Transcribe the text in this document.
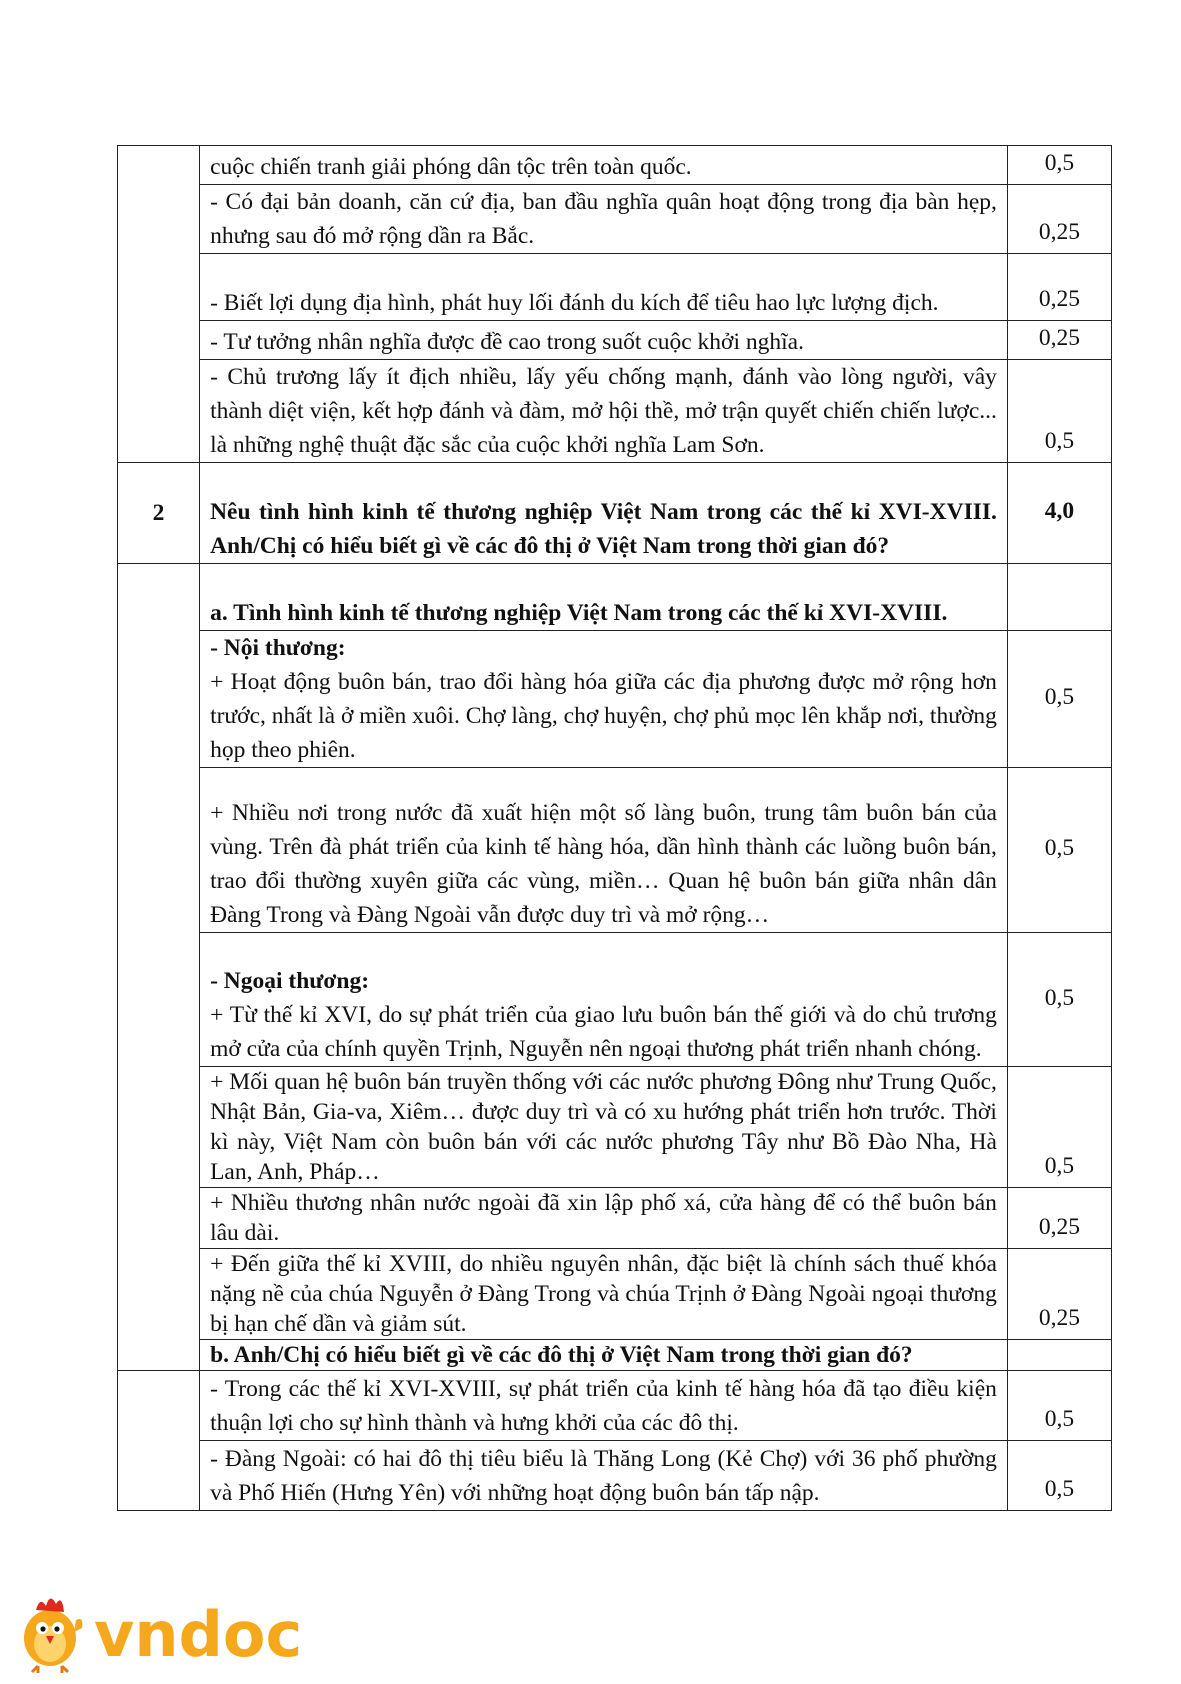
	cuộc chiến tranh giải phóng dân tộc trên toàn quốc.	0,5
	- Có đại bản doanh, căn cứ địa, ban đầu nghĩa quân hoạt động trong địa bàn hẹp, nhưng sau đó mở rộng dần ra Bắc.	0,25
	- Biết lợi dụng địa hình, phát huy lối đánh du kích để tiêu hao lực lượng địch.	0,25
	- Tư tưởng nhân nghĩa được đề cao trong suốt cuộc khởi nghĩa.	0,25
	- Chủ trương lấy ít địch nhiều, lấy yếu chống mạnh, đánh vào lòng người, vây thành diệt viện, kết hợp đánh và đàm, mở hội thề, mở trận quyết chiến chiến lược... là những nghệ thuật đặc sắc của cuộc khởi nghĩa Lam Sơn.	0,5
2	Nêu tình hình kinh tế thương nghiệp Việt Nam trong các thế kỉ XVI-XVIII. Anh/Chị có hiểu biết gì về các đô thị ở Việt Nam trong thời gian đó?	4,0
	a. Tình hình kinh tế thương nghiệp Việt Nam trong các thế kỉ XVI-XVIII.	

	- Nội thương:
+ Hoạt động buôn bán, trao đổi hàng hóa giữa các địa phương được mở rộng hơn trước, nhất là ở miền xuôi. Chợ làng, chợ huyện, chợ phủ mọc lên khắp nơi, thường họp theo phiên.	0,5
	+ Nhiều nơi trong nước đã xuất hiện một số làng buôn, trung tâm buôn bán của vùng. Trên đà phát triển của kinh tế hàng hóa, dần hình thành các luồng buôn bán, trao đổi thường xuyên giữa các vùng, miền… Quan hệ buôn bán giữa nhân dân Đàng Trong và Đàng Ngoài vẫn được duy trì và mở rộng…	0,5

	- Ngoại thương:
+ Từ thế kỉ XVI, do sự phát triển của giao lưu buôn bán thế giới và do chủ trương mở cửa của chính quyền Trịnh, Nguyễn nên ngoại thương phát triển nhanh chóng.	0,5
	+ Mối quan hệ buôn bán truyền thống với các nước phương Đông như Trung Quốc, Nhật Bản, Gia-va, Xiêm… được duy trì và có xu hướng phát triển hơn trước. Thời kì này, Việt Nam còn buôn bán với các nước phương Tây như Bồ Đào Nha, Hà Lan, Anh, Pháp…	0,5
	+ Nhiều thương nhân nước ngoài đã xin lập phố xá, cửa hàng để có thể buôn bán lâu dài.	0,25
	+ Đến giữa thế kỉ XVIII, do nhiều nguyên nhân, đặc biệt là chính sách thuế khóa nặng nề của chúa Nguyễn ở Đàng Trong và chúa Trịnh ở Đàng Ngoài ngoại thương bị hạn chế dần và giảm sút.	0,25
	b. Anh/Chị có hiểu biết gì về các đô thị ở Việt Nam trong thời gian đó?	
	- Trong các thế kỉ XVI-XVIII, sự phát triển của kinh tế hàng hóa đã tạo điều kiện thuận lợi cho sự hình thành và hưng khởi của các đô thị.	0,5
	- Đàng Ngoài: có hai đô thị tiêu biểu là Thăng Long (Kẻ Chợ) với 36 phố phường và Phố Hiến (Hưng Yên) với những hoạt động buôn bán tấp nập.	0,5
vndoc
